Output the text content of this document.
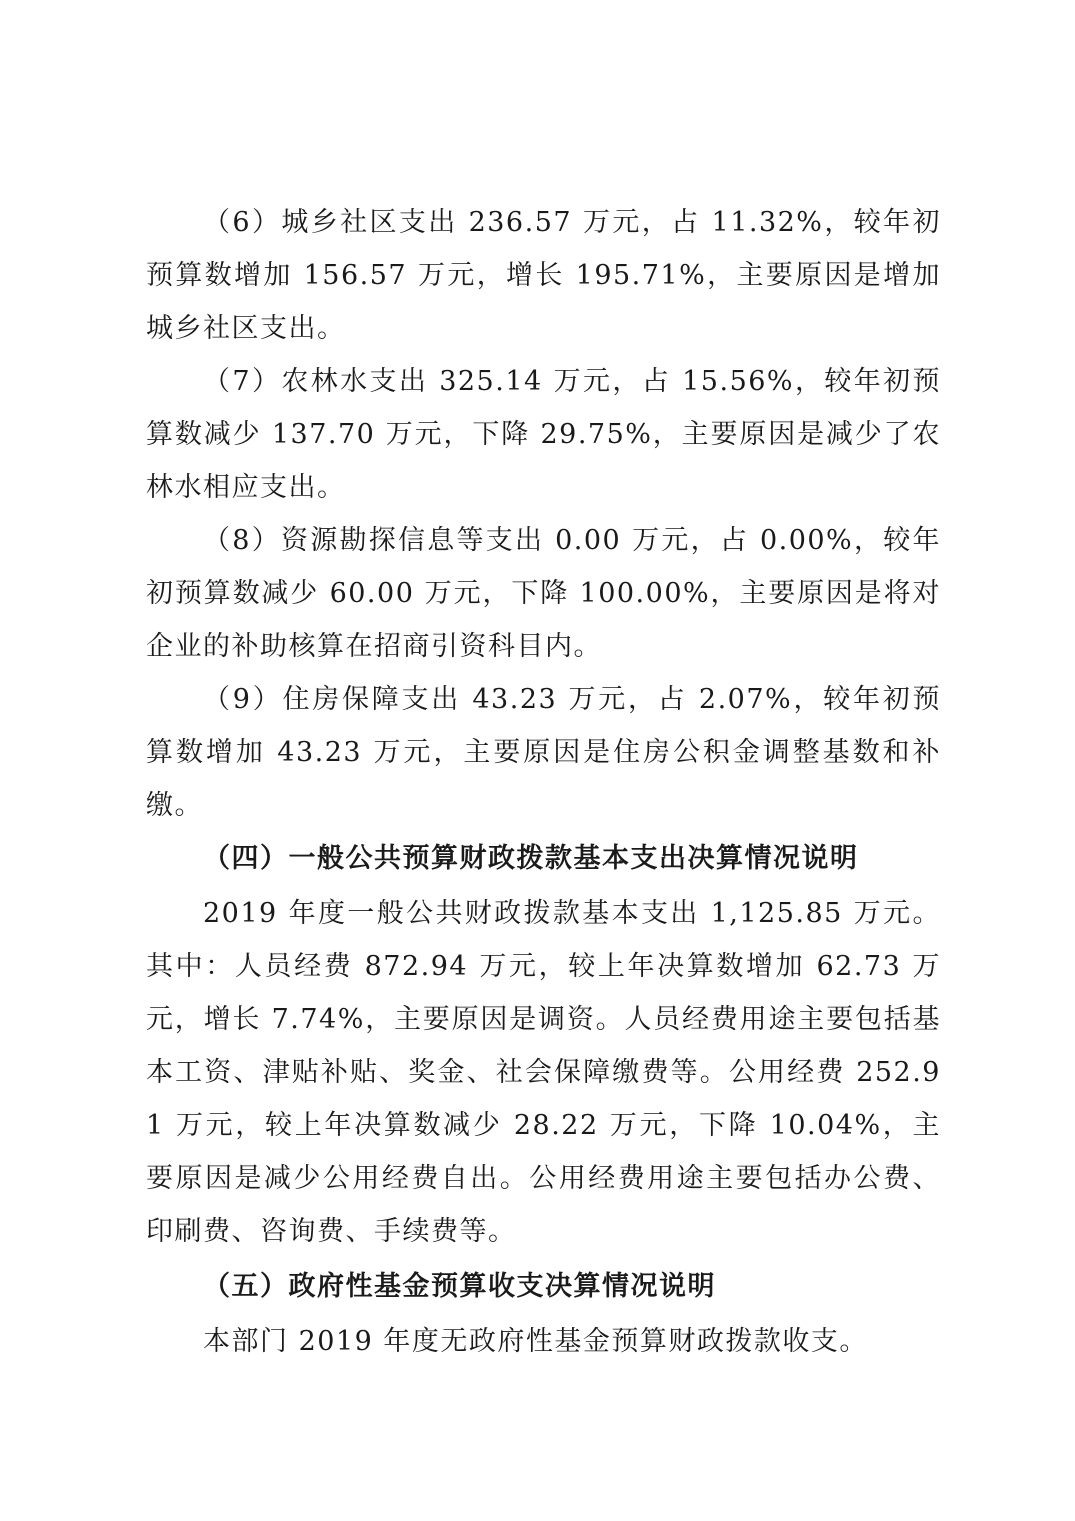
（6）城乡社区支出 236.57 万元，占 11.32%，较年初预算数增加 156.57 万元，增长 195.71%，主要原因是增加城乡社区支出。

（7）农林水支出 325.14 万元，占 15.56%，较年初预算数减少 137.70 万元，下降 29.75%，主要原因是减少了农林水相应支出。

（8）资源勘探信息等支出 0.00 万元，占 0.00%，较年初预算数减少 60.00 万元，下降 100.00%，主要原因是将对企业的补助核算在招商引资科目内。

（9）住房保障支出 43.23 万元，占 2.07%，较年初预算数增加 43.23 万元，主要原因是住房公积金调整基数和补缴。

（四）一般公共预算财政拨款基本支出决算情况说明

2019 年度一般公共财政拨款基本支出 1,125.85 万元。其中：人员经费 872.94 万元，较上年决算数增加 62.73 万元，增长 7.74%，主要原因是调资。人员经费用途主要包括基本工资、津贴补贴、奖金、社会保障缴费等。公用经费 252.91 万元，较上年决算数减少 28.22 万元，下降 10.04%，主要原因是减少公用经费自出。公用经费用途主要包括办公费、印刷费、咨询费、手续费等。

（五）政府性基金预算收支决算情况说明

本部门 2019 年度无政府性基金预算财政拨款收支。
